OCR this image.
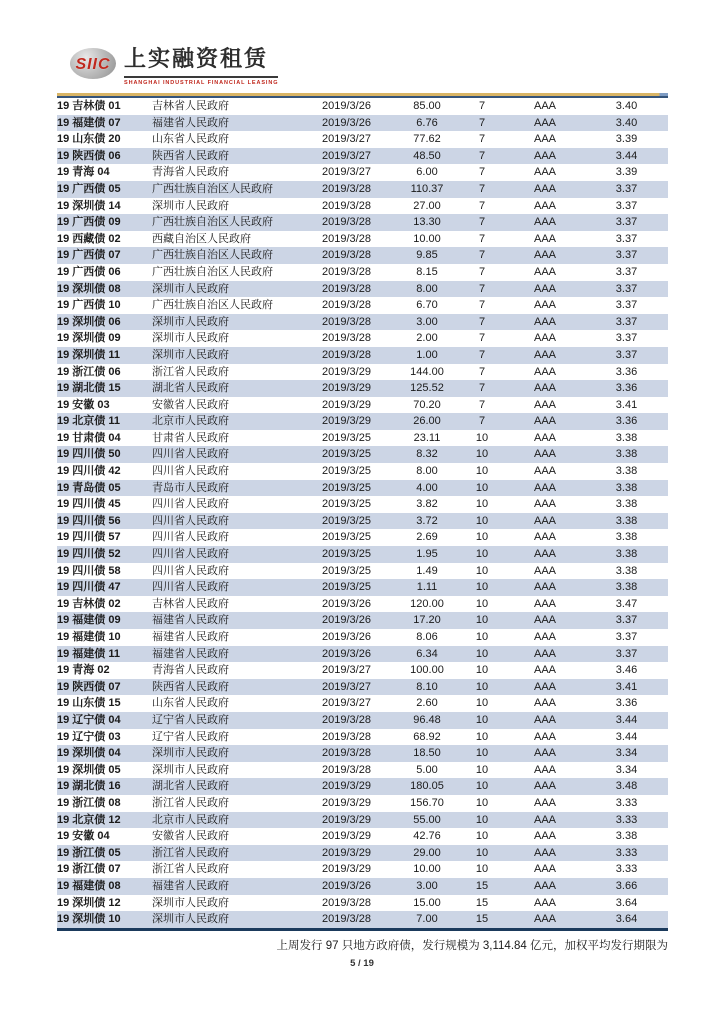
SIIC 上实融资租赁
SHANGHAI INDUSTRIAL FINANCIAL LEASING
19 吉林债 01	吉林省人民政府	2019/3/26	85.00	7	AAA	3.40
19 福建债 07	福建省人民政府	2019/3/26	6.76	7	AAA	3.40
19 山东债 20	山东省人民政府	2019/3/27	77.62	7	AAA	3.39
19 陕西债 06	陕西省人民政府	2019/3/27	48.50	7	AAA	3.44
19 青海 04	青海省人民政府	2019/3/27	6.00	7	AAA	3.39
19 广西债 05	广西壮族自治区人民政府	2019/3/28	110.37	7	AAA	3.37
19 深圳债 14	深圳市人民政府	2019/3/28	27.00	7	AAA	3.37
19 广西债 09	广西壮族自治区人民政府	2019/3/28	13.30	7	AAA	3.37
19 西藏债 02	西藏自治区人民政府	2019/3/28	10.00	7	AAA	3.37
19 广西债 07	广西壮族自治区人民政府	2019/3/28	9.85	7	AAA	3.37
19 广西债 06	广西壮族自治区人民政府	2019/3/28	8.15	7	AAA	3.37
19 深圳债 08	深圳市人民政府	2019/3/28	8.00	7	AAA	3.37
19 广西债 10	广西壮族自治区人民政府	2019/3/28	6.70	7	AAA	3.37
19 深圳债 06	深圳市人民政府	2019/3/28	3.00	7	AAA	3.37
19 深圳债 09	深圳市人民政府	2019/3/28	2.00	7	AAA	3.37
19 深圳债 11	深圳市人民政府	2019/3/28	1.00	7	AAA	3.37
19 浙江债 06	浙江省人民政府	2019/3/29	144.00	7	AAA	3.36
19 湖北债 15	湖北省人民政府	2019/3/29	125.52	7	AAA	3.36
19 安徽 03	安徽省人民政府	2019/3/29	70.20	7	AAA	3.41
19 北京债 11	北京市人民政府	2019/3/29	26.00	7	AAA	3.36
19 甘肃债 04	甘肃省人民政府	2019/3/25	23.11	10	AAA	3.38
19 四川债 50	四川省人民政府	2019/3/25	8.32	10	AAA	3.38
19 四川债 42	四川省人民政府	2019/3/25	8.00	10	AAA	3.38
19 青岛债 05	青岛市人民政府	2019/3/25	4.00	10	AAA	3.38
19 四川债 45	四川省人民政府	2019/3/25	3.82	10	AAA	3.38
19 四川债 56	四川省人民政府	2019/3/25	3.72	10	AAA	3.38
19 四川债 57	四川省人民政府	2019/3/25	2.69	10	AAA	3.38
19 四川债 52	四川省人民政府	2019/3/25	1.95	10	AAA	3.38
19 四川债 58	四川省人民政府	2019/3/25	1.49	10	AAA	3.38
19 四川债 47	四川省人民政府	2019/3/25	1.11	10	AAA	3.38
19 吉林债 02	吉林省人民政府	2019/3/26	120.00	10	AAA	3.47
19 福建债 09	福建省人民政府	2019/3/26	17.20	10	AAA	3.37
19 福建债 10	福建省人民政府	2019/3/26	8.06	10	AAA	3.37
19 福建债 11	福建省人民政府	2019/3/26	6.34	10	AAA	3.37
19 青海 02	青海省人民政府	2019/3/27	100.00	10	AAA	3.46
19 陕西债 07	陕西省人民政府	2019/3/27	8.10	10	AAA	3.41
19 山东债 15	山东省人民政府	2019/3/27	2.60	10	AAA	3.36
19 辽宁债 04	辽宁省人民政府	2019/3/28	96.48	10	AAA	3.44
19 辽宁债 03	辽宁省人民政府	2019/3/28	68.92	10	AAA	3.44
19 深圳债 04	深圳市人民政府	2019/3/28	18.50	10	AAA	3.34
19 深圳债 05	深圳市人民政府	2019/3/28	5.00	10	AAA	3.34
19 湖北债 16	湖北省人民政府	2019/3/29	180.05	10	AAA	3.48
19 浙江债 08	浙江省人民政府	2019/3/29	156.70	10	AAA	3.33
19 北京债 12	北京市人民政府	2019/3/29	55.00	10	AAA	3.33
19 安徽 04	安徽省人民政府	2019/3/29	42.76	10	AAA	3.38
19 浙江债 05	浙江省人民政府	2019/3/29	29.00	10	AAA	3.33
19 浙江债 07	浙江省人民政府	2019/3/29	10.00	10	AAA	3.33
19 福建债 08	福建省人民政府	2019/3/26	3.00	15	AAA	3.66
19 深圳债 12	深圳市人民政府	2019/3/28	15.00	15	AAA	3.64
19 深圳债 10	深圳市人民政府	2019/3/28	7.00	15	AAA	3.64
上周发行 97 只地方政府债，发行规模为 3,114.84 亿元，加权平均发行期限为
5 / 19
